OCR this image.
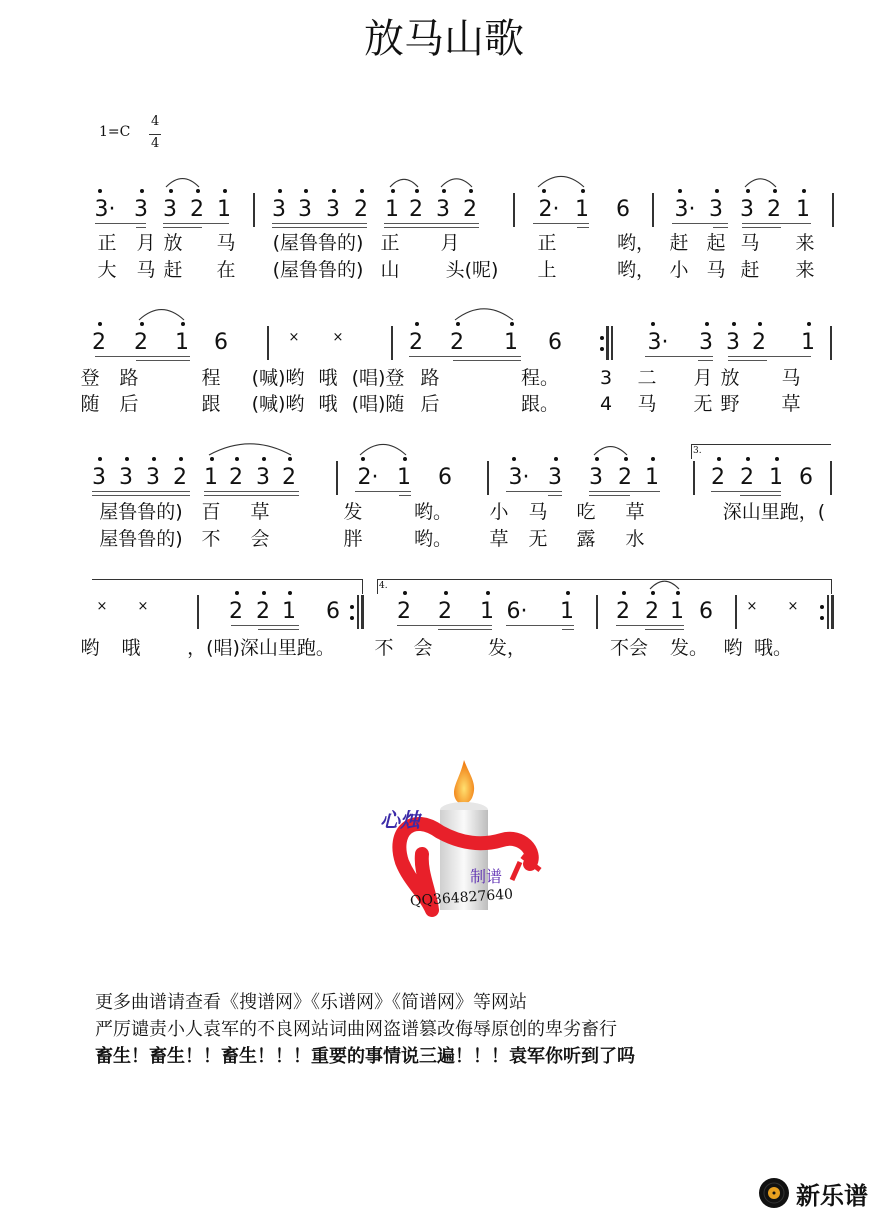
放马山歌
1=C
4
4
3· 3 3 2 1 3 3 3 2 1 2 3 2	2· 1 6 3· 3 3 2 1
正 月 放 马 (屋鲁鲁的) 正 月	正	哟， 赶 起 马 来
大 马 赶 在 (屋鲁鲁的) 山 头(呢) 上	哟， 小 马 赶 来
2 2 1 6	×	×	2 2 1 6	3· 3 3 2 1
登 路	程 (喊)哟 哦 (唱)登 路	程。 3 二 月 放 马
随 后	跟 (喊)哟 哦 (唱)随 后	跟。 4 马 无 野 草
3 3 3 2 1 2 3 2	2· 1 6	3· 3 3 2 1 2 2 1 6
屋鲁鲁的) 百 草	发	哟。 小 马 吃 草	深山里跑，(
屋鲁鲁的) 不 会	胖	哟。 草 无 露 水
× ×	2 2 1 6	2 2 1 6· 1 2 2 1 6	× ×
哟 哦 ，(唱)深山里跑。 不 会	发，	不会 发。 哟 哦。
3.
4.
心烛
制谱
QQ364827640
更多曲谱请查看《搜谱网》《乐谱网》《简谱网》等网站
严厉谴责小人袁军的不良网站词曲网盗谱篡改侮辱原创的卑劣畜行
畜生！畜生！！畜生！！！重要的事情说三遍！！！袁军你听到了吗
新乐谱
